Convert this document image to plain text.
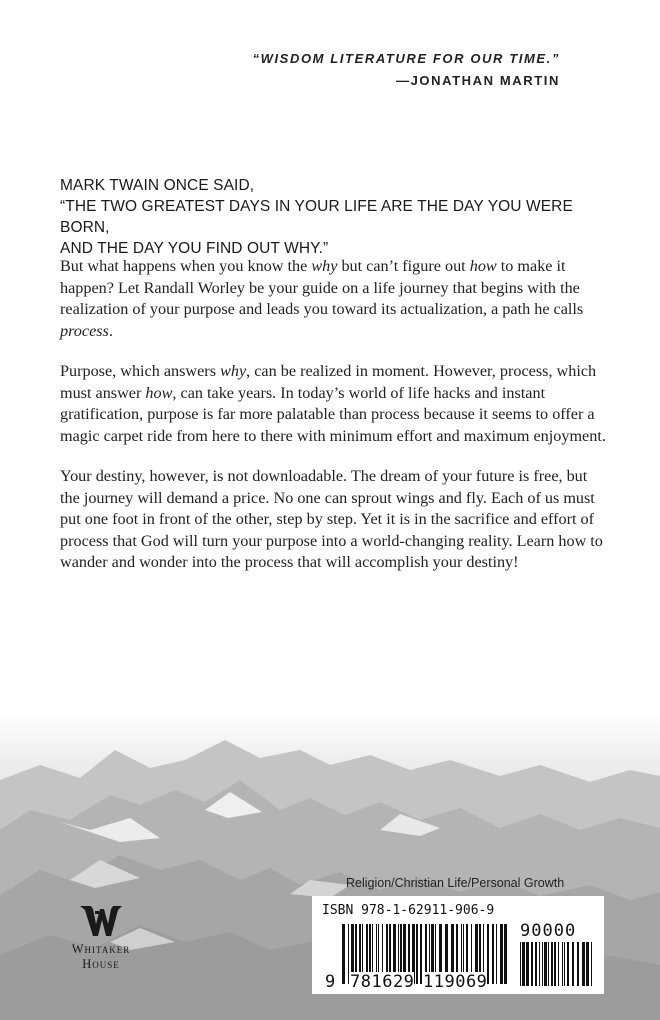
“WISDOM LITERATURE FOR OUR TIME.”
—JONATHAN MARTIN
MARK TWAIN ONCE SAID,
“THE TWO GREATEST DAYS IN YOUR LIFE ARE THE DAY YOU WERE BORN,
AND THE DAY YOU FIND OUT WHY.”

But what happens when you know the why but can’t figure out how to make it happen? Let Randall Worley be your guide on a life journey that begins with the realization of your purpose and leads you toward its actualization, a path he calls process.

Purpose, which answers why, can be realized in moment. However, process, which must answer how, can take years. In today’s world of life hacks and instant gratification, purpose is far more palatable than process because it seems to offer a magic carpet ride from here to there with minimum effort and maximum enjoyment.

Your destiny, however, is not downloadable. The dream of your future is free, but the journey will demand a price. No one can sprout wings and fly. Each of us must put one foot in front of the other, step by step. Yet it is in the sacrifice and effort of process that God will turn your purpose into a world-changing reality. Learn how to wander and wonder into the process that will accomplish your destiny!

Whitaker
House
Religion/Christian Life/Personal Growth
ISBN 978-1-62911-906-9
90000
9 781629 119069
